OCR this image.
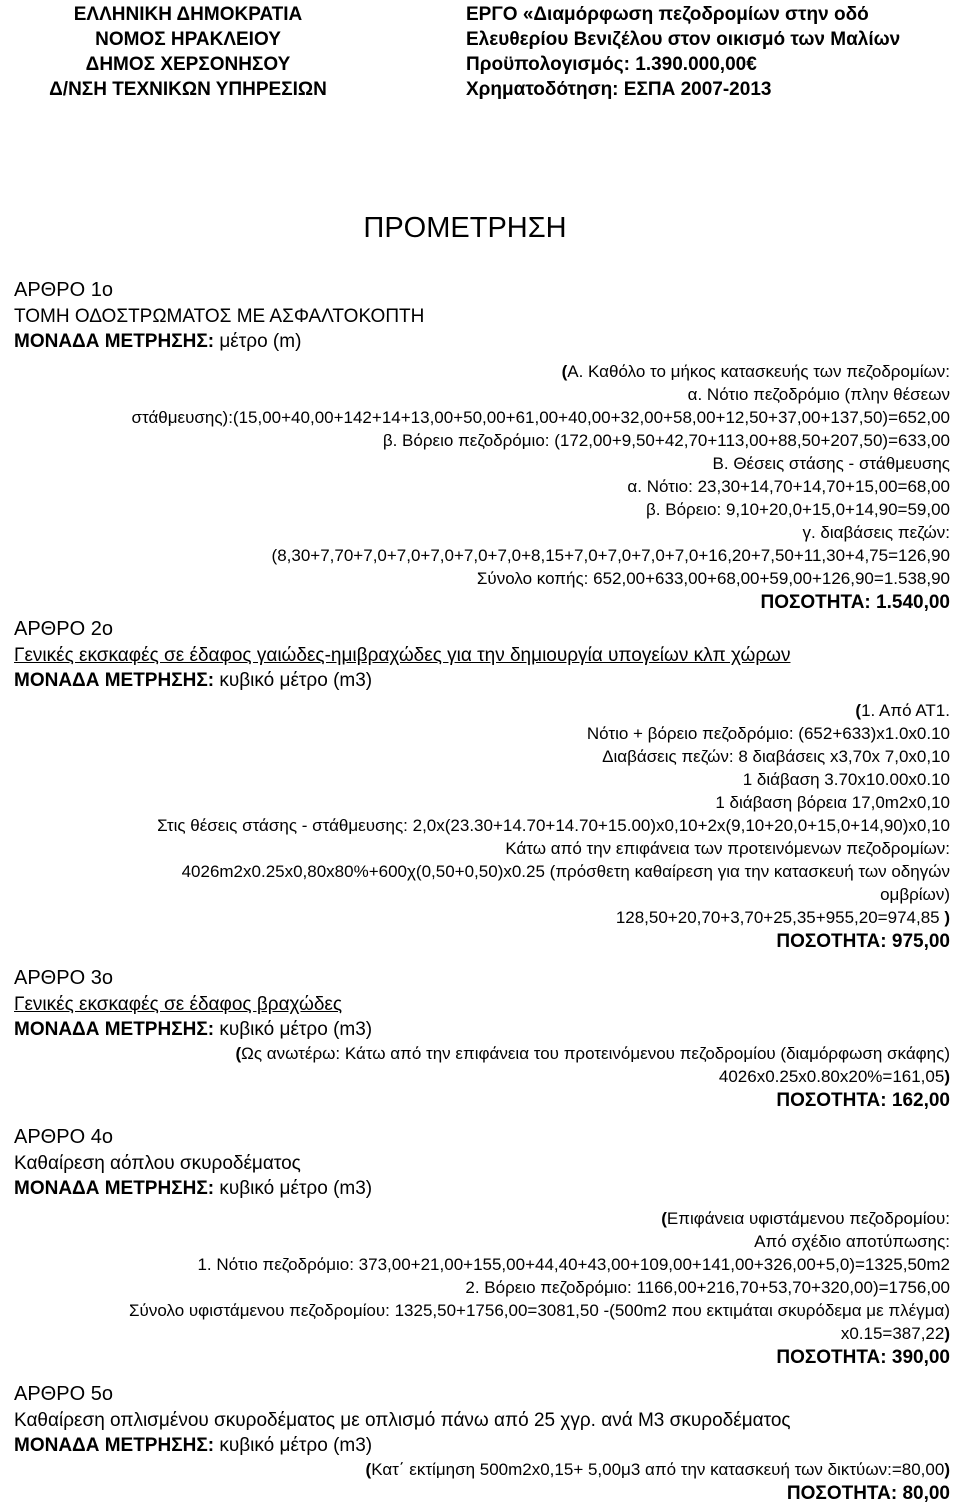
ΕΛΛΗΝΙΚΗ ΔΗΜΟΚΡΑΤΙΑ
ΝΟΜΟΣ ΗΡΑΚΛΕΙΟΥ
ΔΗΜΟΣ ΧΕΡΣΟΝΗΣΟΥ
Δ/ΝΣΗ ΤΕΧΝΙΚΩΝ ΥΠΗΡΕΣΙΩΝ
ΕΡΓΟ «Διαμόρφωση πεζοδρομίων στην οδό
Ελευθερίου Βενιζέλου στον οικισμό των Μαλίων
Προϋπολογισμός: 1.390.000,00€
Χρηματοδότηση: ΕΣΠΑ 2007-2013
ΠΡΟΜΕΤΡΗΣΗ
ΑΡΘΡΟ 1ο
ΤΟΜΗ ΟΔΟΣΤΡΩΜΑΤΟΣ ΜΕ ΑΣΦΑΛΤΟΚΟΠΤΗ
ΜΟΝΑΔΑ ΜΕΤΡΗΣΗΣ: μέτρο (m)
(Α. Καθόλο το μήκος κατασκευής των πεζοδρομίων:
α. Νότιο πεζοδρόμιο (πλην θέσεων
στάθμευσης):(15,00+40,00+142+14+13,00+50,00+61,00+40,00+32,00+58,00+12,50+37,00+137,50)=652,00
β. Βόρειο πεζοδρόμιο: (172,00+9,50+42,70+113,00+88,50+207,50)=633,00
Β. Θέσεις στάσης - στάθμευσης
α. Νότιο: 23,30+14,70+14,70+15,00=68,00
β. Βόρειο: 9,10+20,0+15,0+14,90=59,00
γ. διαβάσεις πεζών:
(8,30+7,70+7,0+7,0+7,0+7,0+7,0+8,15+7,0+7,0+7,0+7,0+16,20+7,50+11,30+4,75=126,90
Σύνολο κοπής: 652,00+633,00+68,00+59,00+126,90=1.538,90
ΠΟΣΟΤΗΤΑ: 1.540,00
ΑΡΘΡΟ 2ο
Γενικές εκσκαφές σε έδαφος γαιώδες-ημιβραχώδες για την δημιουργία υπογείων κλπ χώρων
ΜΟΝΑΔΑ ΜΕΤΡΗΣΗΣ: κυβικό μέτρο (m3)
(1. Από ΑΤ1.
Νότιο + βόρειο πεζοδρόμιο: (652+633)x1.0x0.10
Διαβάσεις πεζών: 8 διαβάσεις x3,70x 7,0x0,10
1 διάβαση 3.70x10.00x0.10
1 διάβαση βόρεια 17,0m2x0,10
Στις θέσεις στάσης - στάθμευσης: 2,0x(23.30+14.70+14.70+15.00)x0,10+2x(9,10+20,0+15,0+14,90)x0,10
Κάτω από την επιφάνεια των προτεινόμενων πεζοδρομίων:
4026m2x0.25x0,80x80%+600χ(0,50+0,50)x0.25 (πρόσθετη καθαίρεση για την κατασκευή των οδηγών
ομβρίων)
128,50+20,70+3,70+25,35+955,20=974,85 )
ΠΟΣΟΤΗΤΑ: 975,00
ΑΡΘΡΟ 3ο
Γενικές εκσκαφές σε έδαφος βραχώδες
ΜΟΝΑΔΑ ΜΕΤΡΗΣΗΣ: κυβικό μέτρο (m3)
(Ως ανωτέρω: Κάτω από την επιφάνεια του προτεινόμενου πεζοδρομίου (διαμόρφωση σκάφης)
4026x0.25x0.80x20%=161,05)
ΠΟΣΟΤΗΤΑ: 162,00
ΑΡΘΡΟ 4ο
Καθαίρεση αόπλου σκυροδέματος
ΜΟΝΑΔΑ ΜΕΤΡΗΣΗΣ: κυβικό μέτρο (m3)
(Επιφάνεια υφιστάμενου πεζοδρομίου:
Από σχέδιο αποτύπωσης:
1. Νότιο πεζοδρόμιο: 373,00+21,00+155,00+44,40+43,00+109,00+141,00+326,00+5,0)=1325,50m2
2. Βόρειο πεζοδρόμιο: 1166,00+216,70+53,70+320,00)=1756,00
Σύνολο υφιστάμενου πεζοδρομίου: 1325,50+1756,00=3081,50 -(500m2 που εκτιμάται σκυρόδεμα με πλέγμα)
x0.15=387,22)
ΠΟΣΟΤΗΤΑ: 390,00
ΑΡΘΡΟ 5ο
Καθαίρεση οπλισμένου σκυροδέματος με οπλισμό πάνω από 25 χγρ. ανά Μ3 σκυροδέματος
ΜΟΝΑΔΑ ΜΕΤΡΗΣΗΣ: κυβικό μέτρο (m3)
(Κατ΄ εκτίμηση 500m2x0,15+ 5,00μ3 από την κατασκευή των δικτύων:=80,00)
ΠΟΣΟΤΗΤΑ: 80,00
